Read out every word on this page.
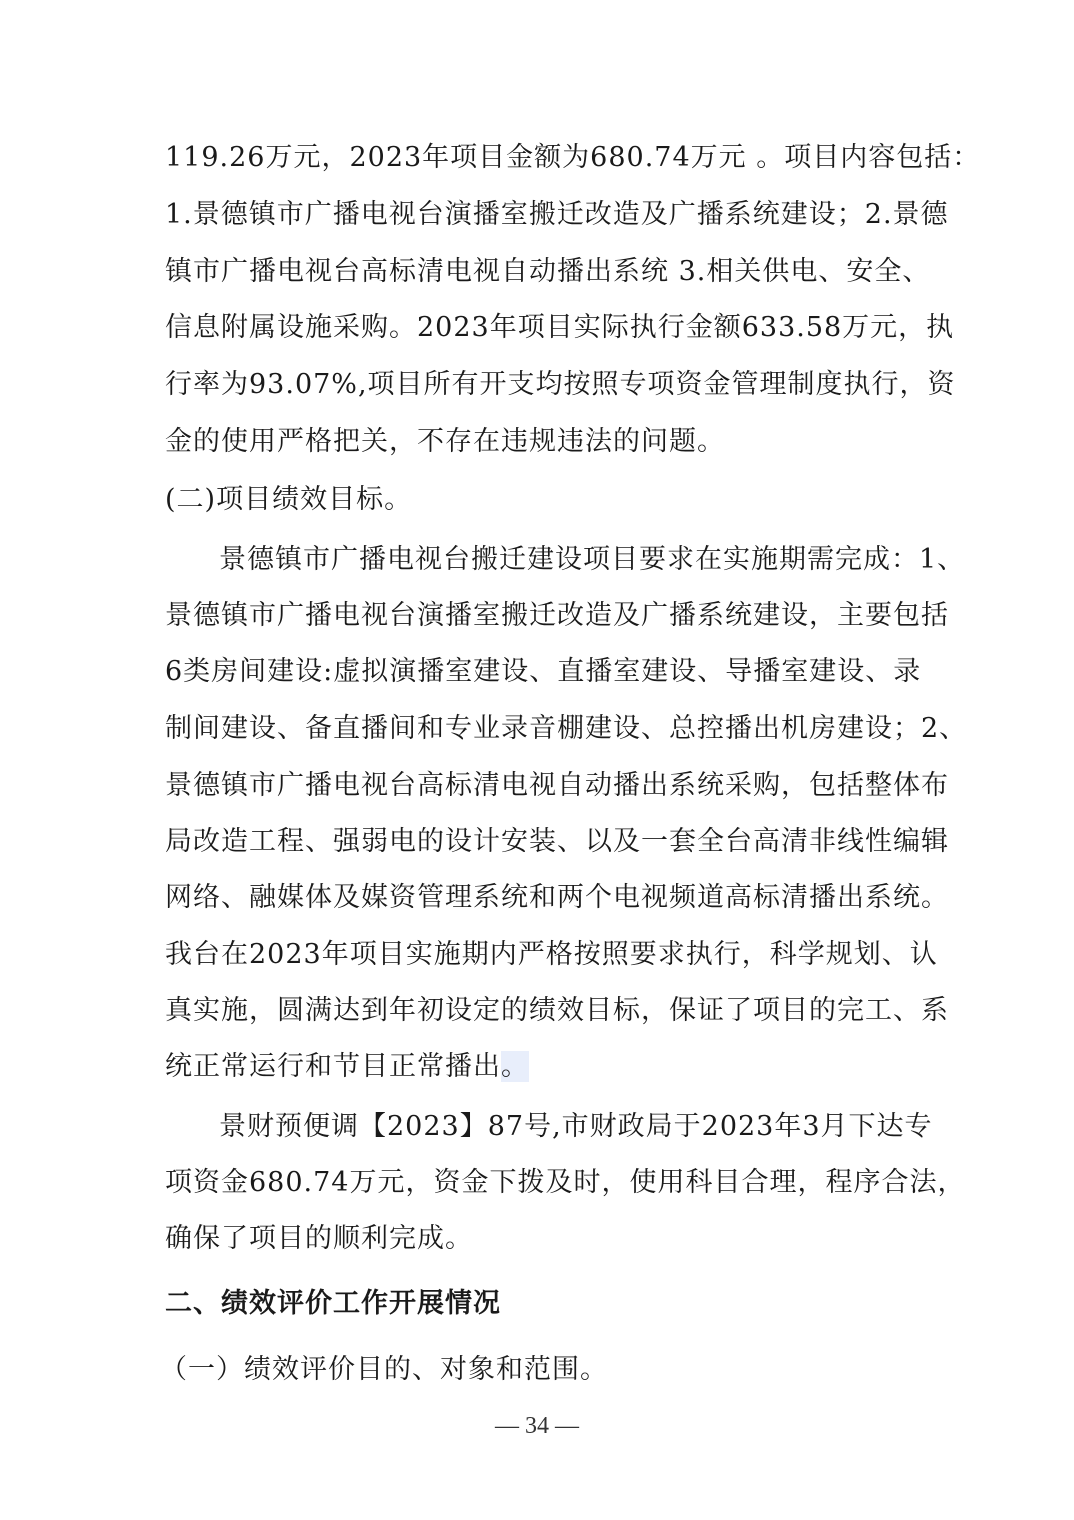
119.26万元，2023年项目金额为680.74万元 。项目内容包括：
1.景德镇市广播电视台演播室搬迁改造及广播系统建设；2.景德
镇市广播电视台高标清电视自动播出系统 3.相关供电、安全、
信息附属设施采购。2023年项目实际执行金额633.58万元，执
行率为93.07%,项目所有开支均按照专项资金管理制度执行，资
金的使用严格把关，不存在违规违法的问题。
(二)项目绩效目标。
景德镇市广播电视台搬迁建设项目要求在实施期需完成：1、
景德镇市广播电视台演播室搬迁改造及广播系统建设，主要包括
6类房间建设:虚拟演播室建设、直播室建设、导播室建设、录
制间建设、备直播间和专业录音棚建设、总控播出机房建设；2、
景德镇市广播电视台高标清电视自动播出系统采购，包括整体布
局改造工程、强弱电的设计安装、以及一套全台高清非线性编辑
网络、融媒体及媒资管理系统和两个电视频道高标清播出系统。
我台在2023年项目实施期内严格按照要求执行，科学规划、认
真实施，圆满达到年初设定的绩效目标，保证了项目的完工、系
统正常运行和节目正常播出。
景财预便调【2023】87号,市财政局于2023年3月下达专
项资金680.74万元，资金下拨及时，使用科目合理，程序合法，
确保了项目的顺利完成。
二、绩效评价工作开展情况
（一）绩效评价目的、对象和范围。
— 34 —
